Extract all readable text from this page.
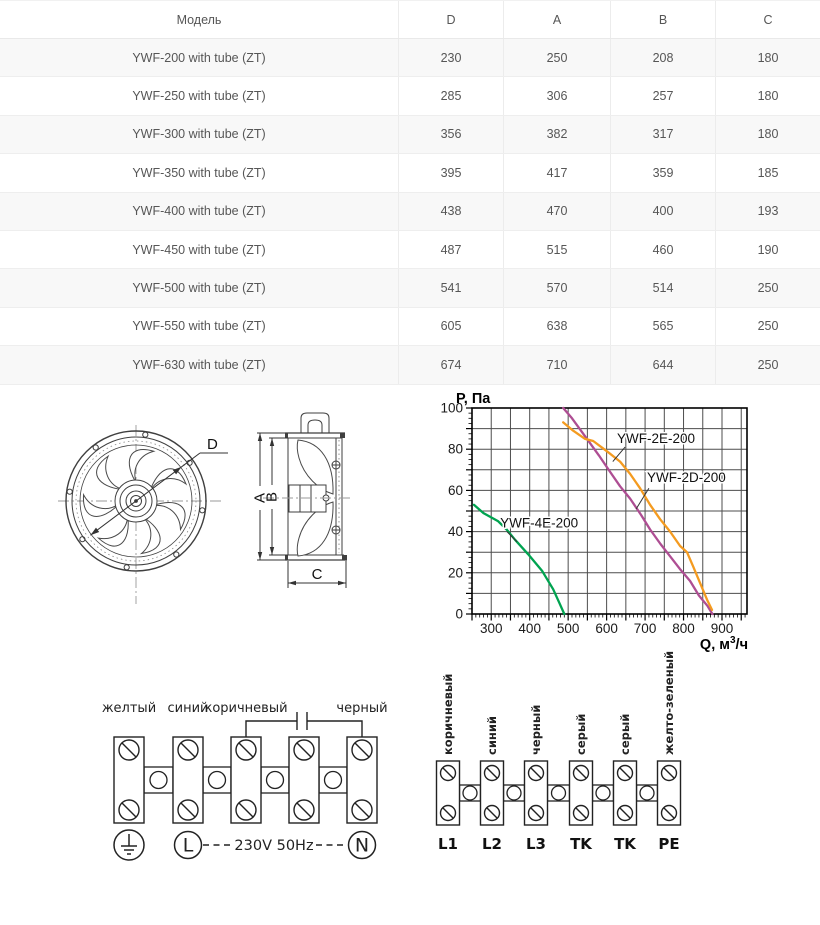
Модель	D	A	B	C
YWF-200 with tube (ZT)	230	250	208	180
YWF-250 with tube (ZT)	285	306	257	180
YWF-300 with tube (ZT)	356	382	317	180
YWF-350 with tube (ZT)	395	417	359	185
YWF-400 with tube (ZT)	438	470	400	193
YWF-450 with tube (ZT)	487	515	460	190
YWF-500 with tube (ZT)	541	570	514	250
YWF-550 with tube (ZT)	605	638	565	250
YWF-630 with tube (ZT)	674	710	644	250
D
A
B
C
300 400 500 600 700 800 900
0
20
40
60
80
100
YWF-2E-200
YWF-2D-200
YWF-4E-200
P, Па
Q, $м^3/ч$
желтый синий
коричневый	черный
L	N
230V 50Hz
коричневый	синий	черный	серый	серый	желто-зеленый
L1 L2 L3 TK TK PE
